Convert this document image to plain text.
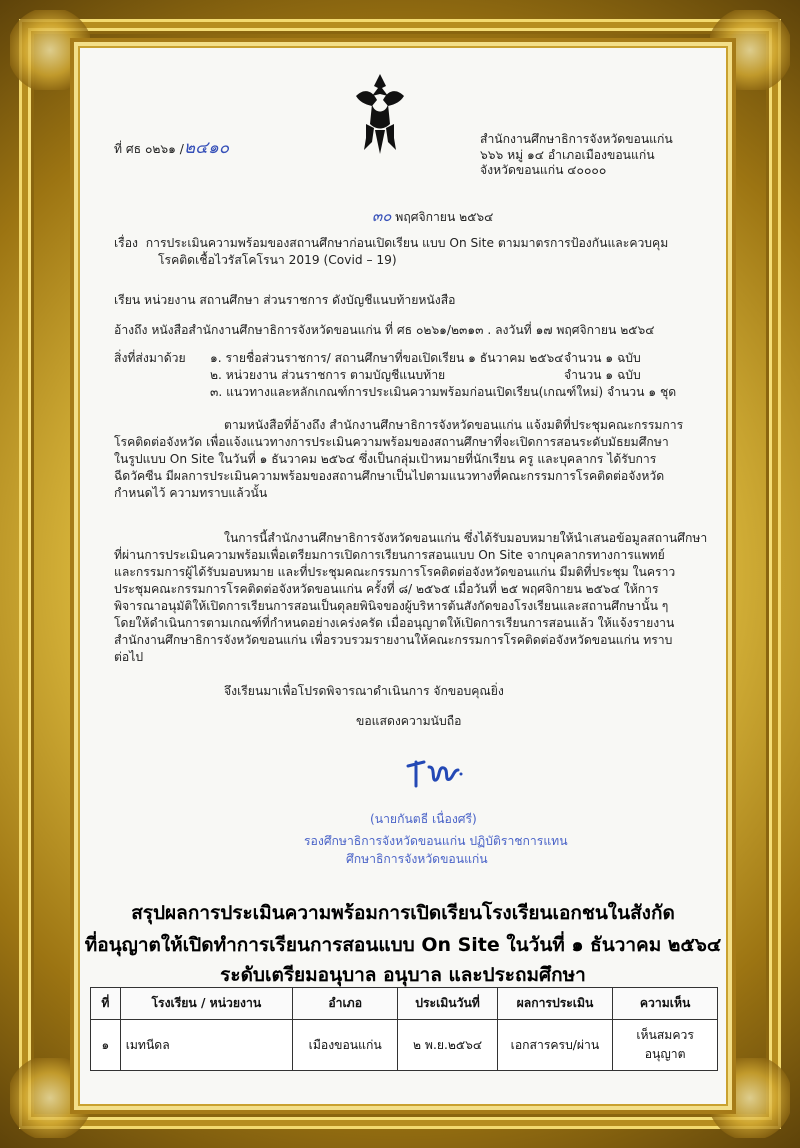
ที่ ศธ ๐๒๖๑ /๒๔๑๐	สำนักงานศึกษาธิการจังหวัดขอนแก่น
๖๖๖ หมู่ ๑๔ อำเภอเมืองขอนแก่น
จังหวัดขอนแก่น ๔๐๐๐๐
๓๐ พฤศจิกายน ๒๕๖๔
เรื่อง การประเมินความพร้อมของสถานศึกษาก่อนเปิดเรียน แบบ On Site ตามมาตรการป้องกันและควบคุม
โรคติดเชื้อไวรัสโคโรนา 2019 (Covid – 19)
เรียน หน่วยงาน สถานศึกษา ส่วนราชการ ดังบัญชีแนบท้ายหนังสือ
อ้างถึง หนังสือสำนักงานศึกษาธิการจังหวัดขอนแก่น ที่ ศธ ๐๒๖๑/๒๓๑๓ . ลงวันที่ ๑๗ พฤศจิกายน ๒๕๖๔
สิ่งที่ส่งมาด้วย ๑. รายชื่อส่วนราชการ/ สถานศึกษาที่ขอเปิดเรียน ๑ ธันวาคม ๒๕๖๔ จำนวน ๑ ฉบับ
๒. หน่วยงาน ส่วนราชการ ตามบัญชีแนบท้าย	จำนวน ๑ ฉบับ
๓. แนวทางและหลักเกณฑ์การประเมินความพร้อมก่อนเปิดเรียน(เกณฑ์ใหม่) จำนวน ๑ ชุด
ตามหนังสือที่อ้างถึง สำนักงานศึกษาธิการจังหวัดขอนแก่น แจ้งมติที่ประชุมคณะกรรมการ
โรคติดต่อจังหวัด เพื่อแจ้งแนวทางการประเมินความพร้อมของสถานศึกษาที่จะเปิดการสอนระดับมัธยมศึกษา
ในรูปแบบ On Site ในวันที่ ๑ ธันวาคม ๒๕๖๔ ซึ่งเป็นกลุ่มเป้าหมายที่นักเรียน ครู และบุคลากร ได้รับการ
ฉีดวัคซีน มีผลการประเมินความพร้อมของสถานศึกษาเป็นไปตามแนวทางที่คณะกรรมการโรคติดต่อจังหวัด
กำหนดไว้ ความทราบแล้วนั้น
ในการนี้สำนักงานศึกษาธิการจังหวัดขอนแก่น ซึ่งได้รับมอบหมายให้นำเสนอข้อมูลสถานศึกษา
ที่ผ่านการประเมินความพร้อมเพื่อเตรียมการเปิดการเรียนการสอนแบบ On Site จากบุคลากรทางการแพทย์
และกรรมการผู้ได้รับมอบหมาย และที่ประชุมคณะกรรมการโรคติดต่อจังหวัดขอนแก่น มีมติที่ประชุม ในคราว
ประชุมคณะกรรมการโรคติดต่อจังหวัดขอนแก่น ครั้งที่ ๘/ ๒๕๖๕ เมื่อวันที่ ๒๕ พฤศจิกายน ๒๕๖๔ ให้การ
พิจารณาอนุมัติให้เปิดการเรียนการสอนเป็นดุลยพินิจของผู้บริหารต้นสังกัดของโรงเรียนและสถานศึกษานั้น ๆ
โดยให้ดำเนินการตามเกณฑ์ที่กำหนดอย่างเคร่งครัด เมื่ออนุญาตให้เปิดการเรียนการสอนแล้ว ให้แจ้งรายงาน
สำนักงานศึกษาธิการจังหวัดขอนแก่น เพื่อรวบรวมรายงานให้คณะกรรมการโรคติดต่อจังหวัดขอนแก่น ทราบ
ต่อไป
จึงเรียนมาเพื่อโปรดพิจารณาดำเนินการ จักขอบคุณยิ่ง
ขอแสดงความนับถือ
(นายกันตธี เนื่องศรี)
รองศึกษาธิการจังหวัดขอนแก่น ปฏิบัติราชการแทน
ศึกษาธิการจังหวัดขอนแก่น
สรุปผลการประเมินความพร้อมการเปิดเรียนโรงเรียนเอกชนในสังกัด
ที่อนุญาตให้เปิดทำการเรียนการสอนแบบ On Site ในวันที่ ๑ ธันวาคม ๒๕๖๔
ระดับเตรียมอนุบาล อนุบาล และประถมศึกษา
ที่	โรงเรียน / หน่วยงาน	อำเภอ	ประเมินวันที่	ผลการประเมิน	ความเห็น
๑	เมทนีดล	เมืองขอนแก่น	๒ พ.ย.๒๕๖๔	เอกสารครบ/ผ่าน	เห็นสมควรอนุญาต
